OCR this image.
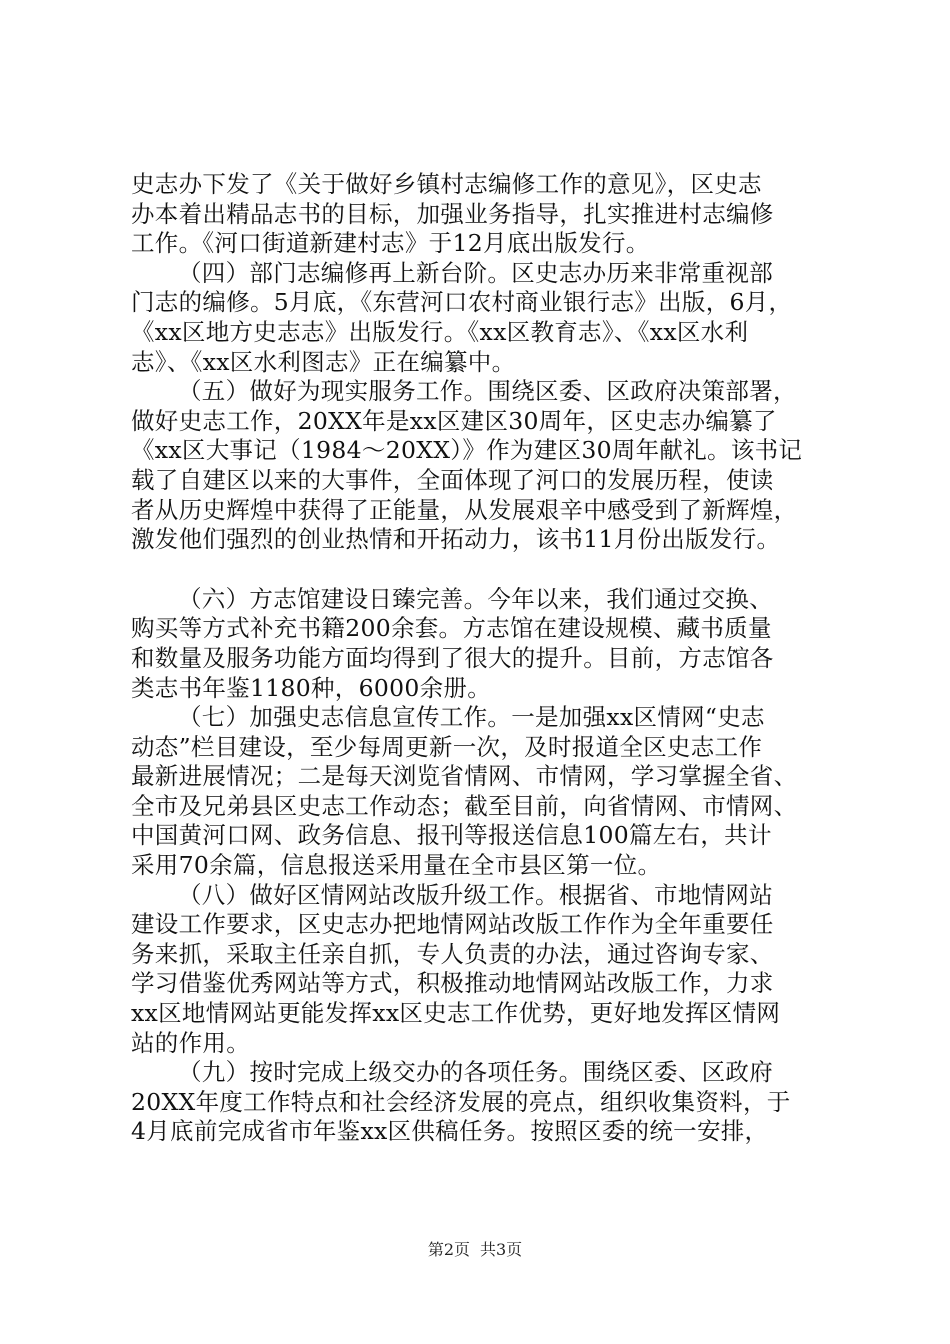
史志办下发了《关于做好乡镇村志编修工作的意见》，区史志
办本着出精品志书的目标，加强业务指导，扎实推进村志编修
工作。《河口街道新建村志》于12月底出版发行。
（四）部门志编修再上新台阶。区史志办历来非常重视部
门志的编修。5月底，《东营河口农村商业银行志》出版，6月，
《xx区地方史志志》出版发行。《xx区教育志》、《xx区水利
志》、《xx区水利图志》正在编纂中。
（五）做好为现实服务工作。围绕区委、区政府决策部署，
做好史志工作，20XX年是xx区建区30周年，区史志办编纂了
《xx区大事记（1984～20XX）》作为建区30周年献礼。该书记
载了自建区以来的大事件，全面体现了河口的发展历程，使读
者从历史辉煌中获得了正能量，从发展艰辛中感受到了新辉煌，
激发他们强烈的创业热情和开拓动力，该书11月份出版发行。
（六）方志馆建设日臻完善。今年以来，我们通过交换、
购买等方式补充书籍200余套。方志馆在建设规模、藏书质量
和数量及服务功能方面均得到了很大的提升。目前，方志馆各
类志书年鉴1180种，6000余册。
（七）加强史志信息宣传工作。一是加强xx区情网“史志
动态”栏目建设，至少每周更新一次，及时报道全区史志工作
最新进展情况；二是每天浏览省情网、市情网，学习掌握全省、
全市及兄弟县区史志工作动态；截至目前，向省情网、市情网、
中国黄河口网、政务信息、报刊等报送信息100篇左右，共计
采用70余篇，信息报送采用量在全市县区第一位。
（八）做好区情网站改版升级工作。根据省、市地情网站
建设工作要求，区史志办把地情网站改版工作作为全年重要任
务来抓，采取主任亲自抓，专人负责的办法，通过咨询专家、
学习借鉴优秀网站等方式，积极推动地情网站改版工作，力求
xx区地情网站更能发挥xx区史志工作优势，更好地发挥区情网
站的作用。
（九）按时完成上级交办的各项任务。围绕区委、区政府
20XX年度工作特点和社会经济发展的亮点，组织收集资料，于
4月底前完成省市年鉴xx区供稿任务。按照区委的统一安排，
第2页 共3页
